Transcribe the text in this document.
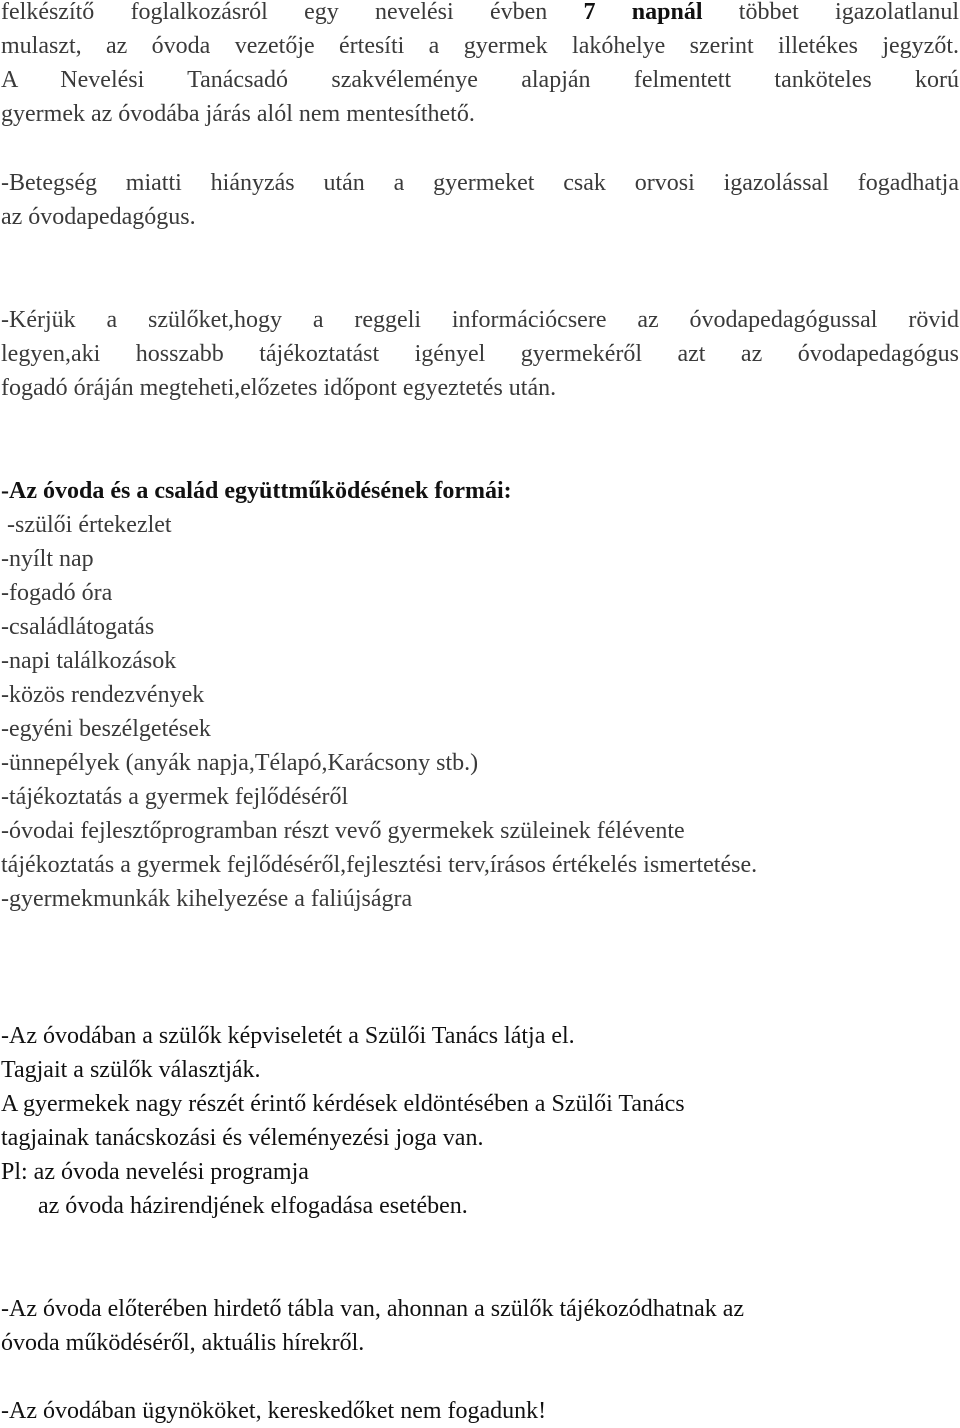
felkészítő foglalkozásról egy nevelési évben 7 napnál többet igazolatlanul
mulaszt, az óvoda vezetője értesíti a gyermek lakóhelye szerint illetékes jegyzőt.
A Nevelési Tanácsadó szakvéleménye alapján felmentett tanköteles korú
gyermek az óvodába járás alól nem mentesíthető.
-Betegség miatti hiányzás után a gyermeket csak orvosi igazolással fogadhatja
az óvodapedagógus.
-Kérjük a szülőket,hogy a reggeli információcsere az óvodapedagógussal rövid
legyen,aki hosszabb tájékoztatást igényel gyermekéről azt az óvodapedagógus
fogadó óráján megteheti,előzetes időpont egyeztetés után.
-Az óvoda és a család együttműködésének formái:
-szülői értekezlet
-nyílt nap
-fogadó óra
-családlátogatás
-napi találkozások
-közös rendezvények
-egyéni beszélgetések
-ünnepélyek (anyák napja,Télapó,Karácsony stb.)
-tájékoztatás a gyermek fejlődéséről
-óvodai fejlesztőprogramban részt vevő gyermekek szüleinek félévente
tájékoztatás a gyermek fejlődéséről,fejlesztési terv,írásos értékelés ismertetése.
-gyermekmunkák kihelyezése a faliújságra
-Az óvodában a szülők képviseletét a Szülői Tanács látja el.
Tagjait a szülők választják.
A gyermekek nagy részét érintő kérdések eldöntésében a Szülői Tanács
tagjainak tanácskozási és véleményezési joga van.
Pl: az óvoda nevelési programja
az óvoda házirendjének elfogadása esetében.
-Az óvoda előterében hirdető tábla van, ahonnan a szülők tájékozódhatnak az
óvoda működéséről, aktuális hírekről.
-Az óvodában ügynököket, kereskedőket nem fogadunk!
